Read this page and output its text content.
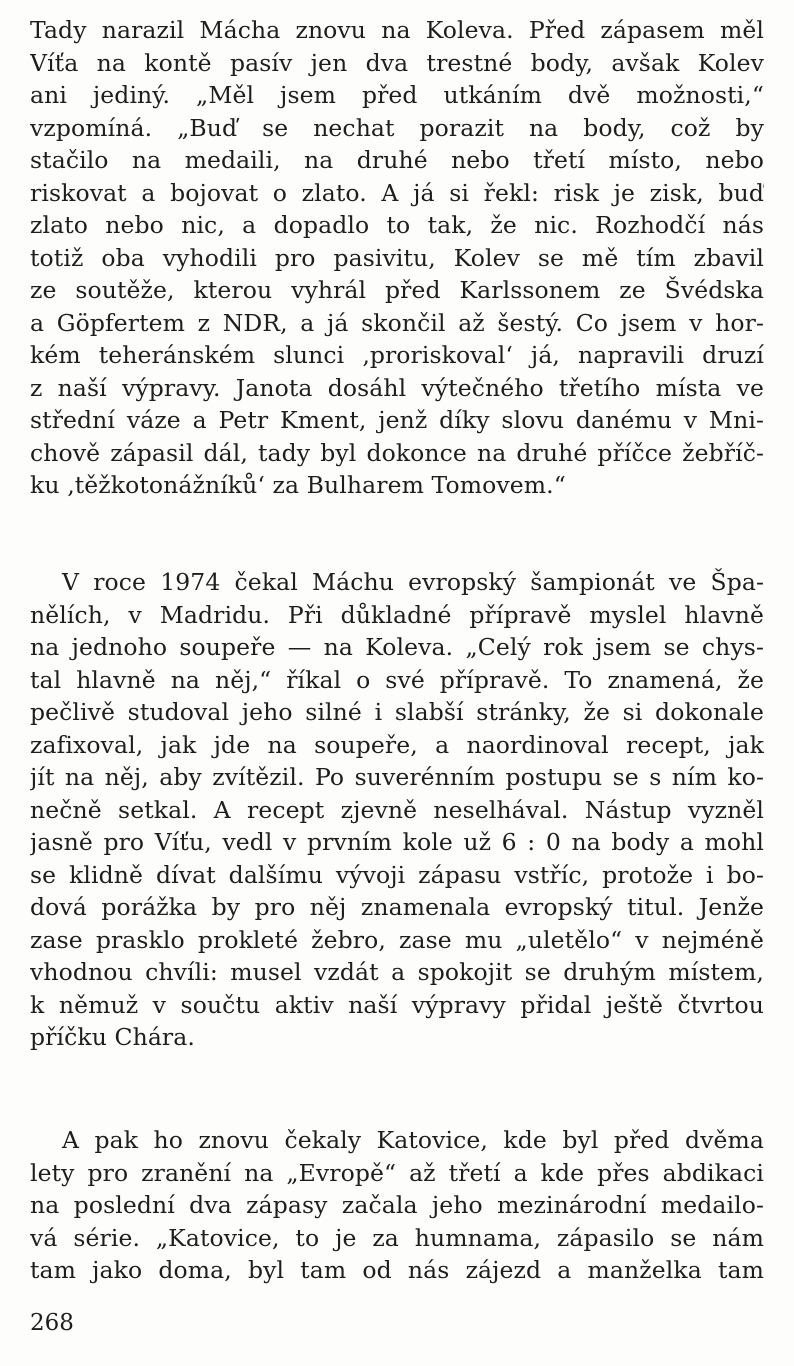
Tady narazil Mácha znovu na Koleva. Před zápasem měl
Víťa na kontě pasív jen dva trestné body, avšak Kolev
ani jediný. „Měl jsem před utkáním dvě možnosti,“
vzpomíná. „Buď se nechat porazit na body, což by
stačilo na medaili, na druhé nebo třetí místo, nebo
riskovat a bojovat o zlato. A já si řekl: risk je zisk, buď
zlato nebo nic, a dopadlo to tak, že nic. Rozhodčí nás
totiž oba vyhodili pro pasivitu, Kolev se mě tím zbavil
ze soutěže, kterou vyhrál před Karlssonem ze Švédska
a Göpfertem z NDR, a já skončil až šestý. Co jsem v hor-
kém teheránském slunci ‚proriskoval‘ já, napravili druzí
z naší výpravy. Janota dosáhl výtečného třetího místa ve
střední váze a Petr Kment, jenž díky slovu danému v Mni-
chově zápasil dál, tady byl dokonce na druhé příčce žebříč-
ku ‚těžkotonážníků‘ za Bulharem Tomovem.“
V roce 1974 čekal Máchu evropský šampionát ve Špa-
nělích, v Madridu. Při důkladné přípravě myslel hlavně
na jednoho soupeře — na Koleva. „Celý rok jsem se chys-
tal hlavně na něj,“ říkal o své přípravě. To znamená, že
pečlivě studoval jeho silné i slabší stránky, že si dokonale
zafixoval, jak jde na soupeře, a naordinoval recept, jak
jít na něj, aby zvítězil. Po suverénním postupu se s ním ko-
nečně setkal. A recept zjevně neselhával. Nástup vyzněl
jasně pro Víťu, vedl v prvním kole už 6 : 0 na body a mohl
se klidně dívat dalšímu vývoji zápasu vstříc, protože i bo-
dová porážka by pro něj znamenala evropský titul. Jenže
zase prasklo prokleté žebro, zase mu „uletělo“ v nejméně
vhodnou chvíli: musel vzdát a spokojit se druhým místem,
k němuž v součtu aktiv naší výpravy přidal ještě čtvrtou
příčku Chára.
A pak ho znovu čekaly Katovice, kde byl před dvěma
lety pro zranění na „Evropě“ až třetí a kde přes abdikaci
na poslední dva zápasy začala jeho mezinárodní medailo-
vá série. „Katovice, to je za humnama, zápasilo se nám
tam jako doma, byl tam od nás zájezd a manželka tam
268
